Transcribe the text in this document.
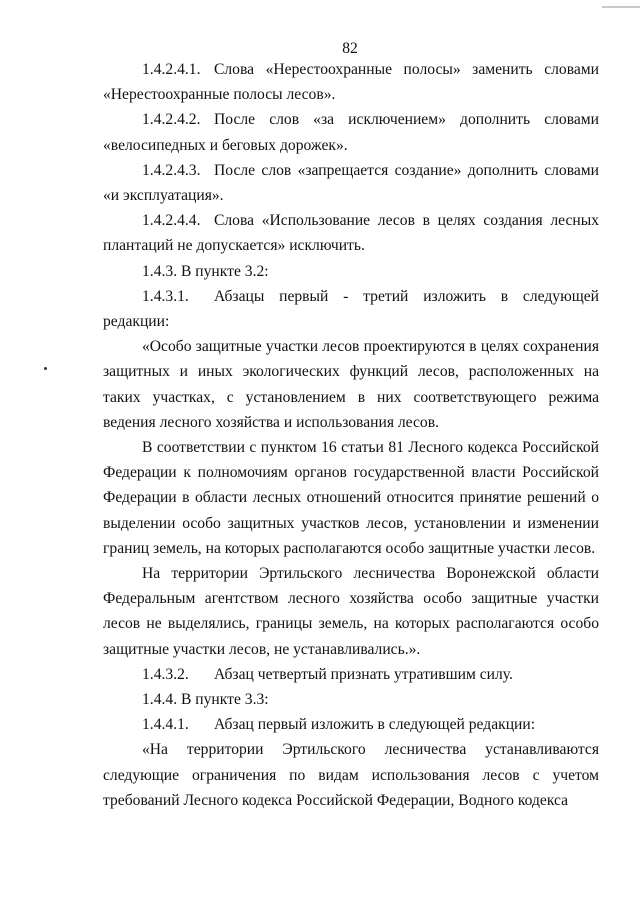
82

1.4.2.4.1. Слова «Нерестоохранные полосы» заменить словами «Нерестоохранные полосы лесов».

1.4.2.4.2. После слов «за исключением» дополнить словами «велосипедных и беговых дорожек».

1.4.2.4.3. После слов «запрещается создание» дополнить словами «и эксплуатация».

1.4.2.4.4. Слова «Использование лесов в целях создания лесных плантаций не допускается» исключить.

1.4.3. В пункте 3.2:

1.4.3.1. Абзацы первый - третий изложить в следующей редакции:

«Особо защитные участки лесов проектируются в целях сохранения защитных и иных экологических функций лесов, расположенных на таких участках, с установлением в них соответствующего режима ведения лесного хозяйства и использования лесов.

В соответствии с пунктом 16 статьи 81 Лесного кодекса Российской Федерации к полномочиям органов государственной власти Российской Федерации в области лесных отношений относится принятие решений о выделении особо защитных участков лесов, установлении и изменении границ земель, на которых располагаются особо защитные участки лесов.

На территории Эртильского лесничества Воронежской области Федеральным агентством лесного хозяйства особо защитные участки лесов не выделялись, границы земель, на которых располагаются особо защитные участки лесов, не устанавливались.».

1.4.3.2. Абзац четвертый признать утратившим силу.

1.4.4. В пункте 3.3:

1.4.4.1. Абзац первый изложить в следующей редакции:

«На территории Эртильского лесничества устанавливаются следующие ограничения по видам использования лесов с учетом требований Лесного кодекса Российской Федерации, Водного кодекса
